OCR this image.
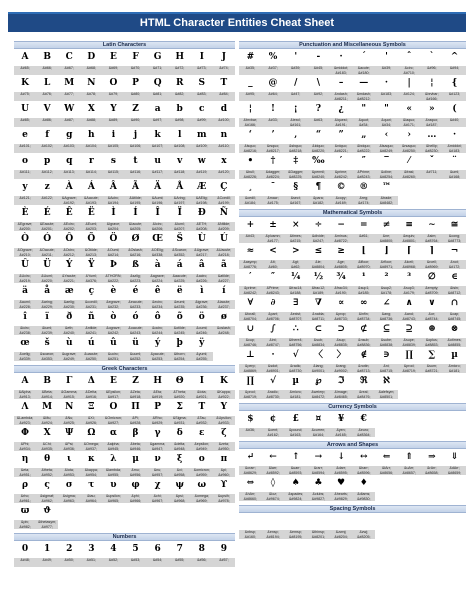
HTML Character Entities Cheat Sheet
Latin Characters
A
&#65;
B
&#66;
C
&#67;
D
&#68;
E
&#69;
F
&#70;
G
&#71;
H
&#72;
I
&#73;
J
&#74;
K
&#75;
L
&#76;
M
&#77;
N
&#78;
O
&#79;
P
&#80;
Q
&#81;
R
&#82;
S
&#83;
T
&#84;
U
&#85;
V
&#86;
W
&#87;
X
&#88;
Y
&#89;
Z
&#90;
a
&#97;
b
&#98;
c
&#99;
d
&#100;
e
&#101;
f
&#102;
g
&#103;
h
&#104;
i
&#105;
j
&#106;
k
&#107;
l
&#108;
m
&#109;
n
&#110;
o
&#111;
p
&#112;
q
&#113;
r
&#114;
s
&#115;
t
&#116;
u
&#117;
v
&#118;
w
&#119;
x
&#120;
y
&#121;
z
&#122;
À
&Agrave;
&#192;
Á
&Aacute;
&#193;
Â
&Acirc;
&#194;
Ã
&Atilde;
&#195;
Ä
&Auml;
&#196;
Å
&Aring;
&#197;
Æ
&AElig;
&#198;
Ç
&Ccedil;
&#199;
È
&Egrave;
&#200;
É
&Eacute;
&#201;
Ê
&Ecirc;
&#202;
Ë
&Euml;
&#203;
Ì
&Igrave;
&#204;
Í
&Iacute;
&#205;
Î
&Icirc;
&#206;
Ï
&Iuml;
&#207;
Ð
&ETH;
&#208;
Ñ
&Ntilde;
&#209;
Ò
&Ograve;
&#210;
Ó
&Oacute;
&#211;
Ô
&Ocirc;
&#212;
Õ
&Otilde;
&#213;
Ö
&Ouml;
&#214;
Ø
&Oslash;
&#216;
Œ
&OElig;
&#338;
Š
&Scaron;
&#352;
Ù
&Ugrave;
&#217;
Ú
&Uacute;
&#218;
Û
&Ucirc;
&#219;
Ü
&Uuml;
&#220;
Ý
&Yacute;
&#221;
Ÿ
&Yuml;
&#376;
Þ
&THORN;
&#222;
ß
&szlig;
&#223;
à
&agrave;
&#224;
á
&aacute;
&#225;
â
&acirc;
&#226;
ã
&atilde;
&#227;
ä
&auml;
&#228;
å
&aring;
&#229;
æ
&aelig;
&#230;
ç
&ccedil;
&#231;
è
&egrave;
&#232;
é
&eacute;
&#233;
ê
&ecirc;
&#234;
ë
&euml;
&#235;
ì
&igrave;
&#236;
í
&iacute;
&#237;
î
&icirc;
&#238;
ï
&iuml;
&#239;
ð
&eth;
&#240;
ñ
&ntilde;
&#241;
ò
&ograve;
&#242;
ó
&oacute;
&#243;
ô
&ocirc;
&#244;
õ
&otilde;
&#245;
ö
&ouml;
&#246;
ø
&oslash;
&#248;
œ
&oelig;
&#339;
š
&scaron;
&#353;
ù
&ugrave;
&#249;
ú
&uacute;
&#250;
û
&ucirc;
&#251;
ü
&uuml;
&#252;
ý
&yacute;
&#253;
þ
&thorn;
&#254;
ÿ
&yuml;
&#255;
Greek Characters
Α
&Alpha;
&#913;
Β
&Beta;
&#914;
Γ
&Gamma;
&#915;
Δ
&Delta;
&#916;
Ε
&Epsilon;
&#917;
Ζ
&Zeta;
&#918;
Η
&Eta;
&#919;
Θ
&Theta;
&#920;
Ι
&Iota;
&#921;
Κ
&Kappa;
&#922;
Λ
&Lambda;
&#923;
Μ
&Mu;
&#924;
Ν
&Nu;
&#925;
Ξ
&Xi;
&#926;
Ο
&Omicron;
&#927;
Π
&Pi;
&#928;
Ρ
&Rho;
&#929;
Σ
&Sigma;
&#931;
Τ
&Tau;
&#932;
Υ
&Upsilon;
&#933;
Φ
&Phi;
&#934;
Χ
&Chi;
&#935;
Ψ
&Psi;
&#936;
Ω
&Omega;
&#937;
α
&alpha;
&#945;
β
&beta;
&#946;
γ
&gamma;
&#947;
δ
&delta;
&#948;
ε
&epsilon;
&#949;
ζ
&zeta;
&#950;
η
&eta;
&#951;
θ
&theta;
&#952;
ι
&iota;
&#953;
κ
&kappa;
&#954;
λ
&lambda;
&#955;
μ
&mu;
&#956;
ν
&nu;
&#957;
ξ
&xi;
&#958;
ο
&omicron;
&#959;
π
&pi;
&#960;
ρ
&rho;
&#961;
ς
&sigmaf;
&#962;
σ
&sigma;
&#963;
τ
&tau;
&#964;
υ
&upsilon;
&#965;
φ
&phi;
&#966;
χ
&chi;
&#967;
ψ
&psi;
&#968;
ω
&omega;
&#969;
ϒ
&upsih;
&#978;
ϖ
&piv;
&#982;
ϑ
&thetasym;
&#977;
Numbers
0
&#48;
1
&#49;
2
&#50;
3
&#51;
4
&#52;
5
&#53;
6
&#54;
7
&#55;
8
&#56;
9
&#57;
Punctuation and Miscellaneous Symbols
#
&#35;
%
&#37;
'
&#39;
-
&#45;
·
&middot;
&#183;
´
&acute;
&#180;
'
&#39;
ˆ
&circ;
&#710;
`
&#96;
^
&#94;
_
&#95;
@
&#64;
/
&#47;
\
&#92;
–
&ndash;
&#8211;
—
&mdash;
&#8212;
·
&#183;
|
&#124;
¦
&brvbar;
&#166;
{
&#123;
¦
&brvbar;
&#166;
!
&#33;
¡
&iexcl;
&#161;
?
&#63;
¿
&iquest;
&#191;
"
&quot;
&#34;
"
&quot;
&#34;
«
&laquo;
&#171;
»
&raquo;
&#187;
(
&#40;
‘
&lsquo;
&#8216;
’
&rsquo;
&#8217;
‚
&sbquo;
&#8218;
“
&ldquo;
&#8220;
”
&rdquo;
&#8221;
„
&bdquo;
&#8222;
‹
&lsaquo;
&#8249;
›
&rsaquo;
&#8250;
…
&hellip;
&#8230;
·
&middot;
&#183;
•
&bull;
&#8226;
†
&dagger;
&#8224;
‡
&Dagger;
&#8225;
‰
&permil;
&#8240;
′
&prime;
&#8242;
″
&Prime;
&#8243;
‾
&oline;
&#8254;
⁄
&frasl;
&#8260;
ˇ
&#711;
¨
&uml;
&#168;
¸
&cedil;
&#184;
¯
&macr;
&#175;
§
&sect;
&#167;
¶
&para;
&#182;
©
&copy;
&#169;
®
&reg;
&#174;
™
&trade;
&#8482;
Mathematical Symbols
+
&#43;
±
&plusmn;
&#177;
×
&times;
&#215;
÷
&divide;
&#247;
−
&minus;
&#8722;
=
&#61;
≠
&ne;
&#8800;
≡
&equiv;
&#8801;
∼
&sim;
&#8764;
≅
&cong;
&#8773;
≈
&asymp;
&#8776;
<
&lt;
&#60;
>
&gt;
&#62;
≤
&le;
&#8804;
≥
&ge;
&#8805;
⌊
&lfloor;
&#8970;
⌋
&rfloor;
&#8971;
⌈
&lceil;
&#8968;
⌉
&rceil;
&#8969;
¬
&not;
&#172;
′
&prime;
&#8242;
″
&Prime;
&#8243;
¼
&frac14;
&#188;
½
&frac12;
&#189;
¾
&frac34;
&#190;
¹
&sup1;
&#185;
²
&sup2;
&#178;
³
&sup3;
&#179;
∅
&empty;
&#8709;
∈
&isin;
&#8712;
∀
&forall;
&#8704;
∂
&part;
&#8706;
∃
&exist;
&#8707;
∇
&nabla;
&#8711;
∝
&prop;
&#8733;
∞
&infin;
&#8734;
∠
&ang;
&#8736;
∧
&and;
&#8743;
∨
&or;
&#8744;
∩
&cap;
&#8745;
∪
&cup;
&#8746;
∫
&int;
&#8747;
∴
&there4;
&#8756;
⊂
&sub;
&#8834;
⊃
&sup;
&#8835;
⊄
&nsub;
&#8836;
⊆
&sube;
&#8838;
⊇
&supe;
&#8839;
⊕
&oplus;
&#8853;
⊗
&otimes;
&#8855;
⊥
&perp;
&#8869;
⋅
&sdot;
&#8901;
√
&radic;
&#8730;
〈
&lang;
&#9001;
〉
&rang;
&#9002;
∉
&notin;
&#8713;
∋
&ni;
&#8715;
∏
&prod;
&#8719;
∑
&sum;
&#8721;
µ
&micro;
&#181;
∏
&prod;
&#8719;
√
&radic;
&#8730;
µ
&micro;
&#181;
℘
&weierp;
&#8472;
ℑ
&image;
&#8465;
ℜ
&real;
&#8476;
ℵ
&alefsym;
&#8501;
Currency Symbols
$
&#36;
¢
&cent;
&#162;
£
&pound;
&#163;
¤
&curren;
&#164;
¥
&yen;
&#165;
€
&euro;
&#8364;
Arrows and Shapes
↵
&crarr;
&#8629;
←
&larr;
&#8592;
↑
&uarr;
&#8593;
→
&rarr;
&#8594;
↓
&darr;
&#8595;
↔
&harr;
&#8596;
⇐
&lArr;
&#8656;
⇑
&uArr;
&#8657;
⇒
&rArr;
&#8658;
⇓
&dArr;
&#8659;
⇔
&hArr;
&#8660;
◊
&loz;
&#9674;
♠
&spades;
&#9824;
♣
&clubs;
&#9827;
♥
&hearts;
&#9829;
♦
&diams;
&#9830;
Spacing Symbols
&nbsp;
&#160;
&ensp;
&#8194;
&emsp;
&#8195;
&thinsp;
&#8201;
&zwnj;
&#8204;
&zwj;
&#8205;
